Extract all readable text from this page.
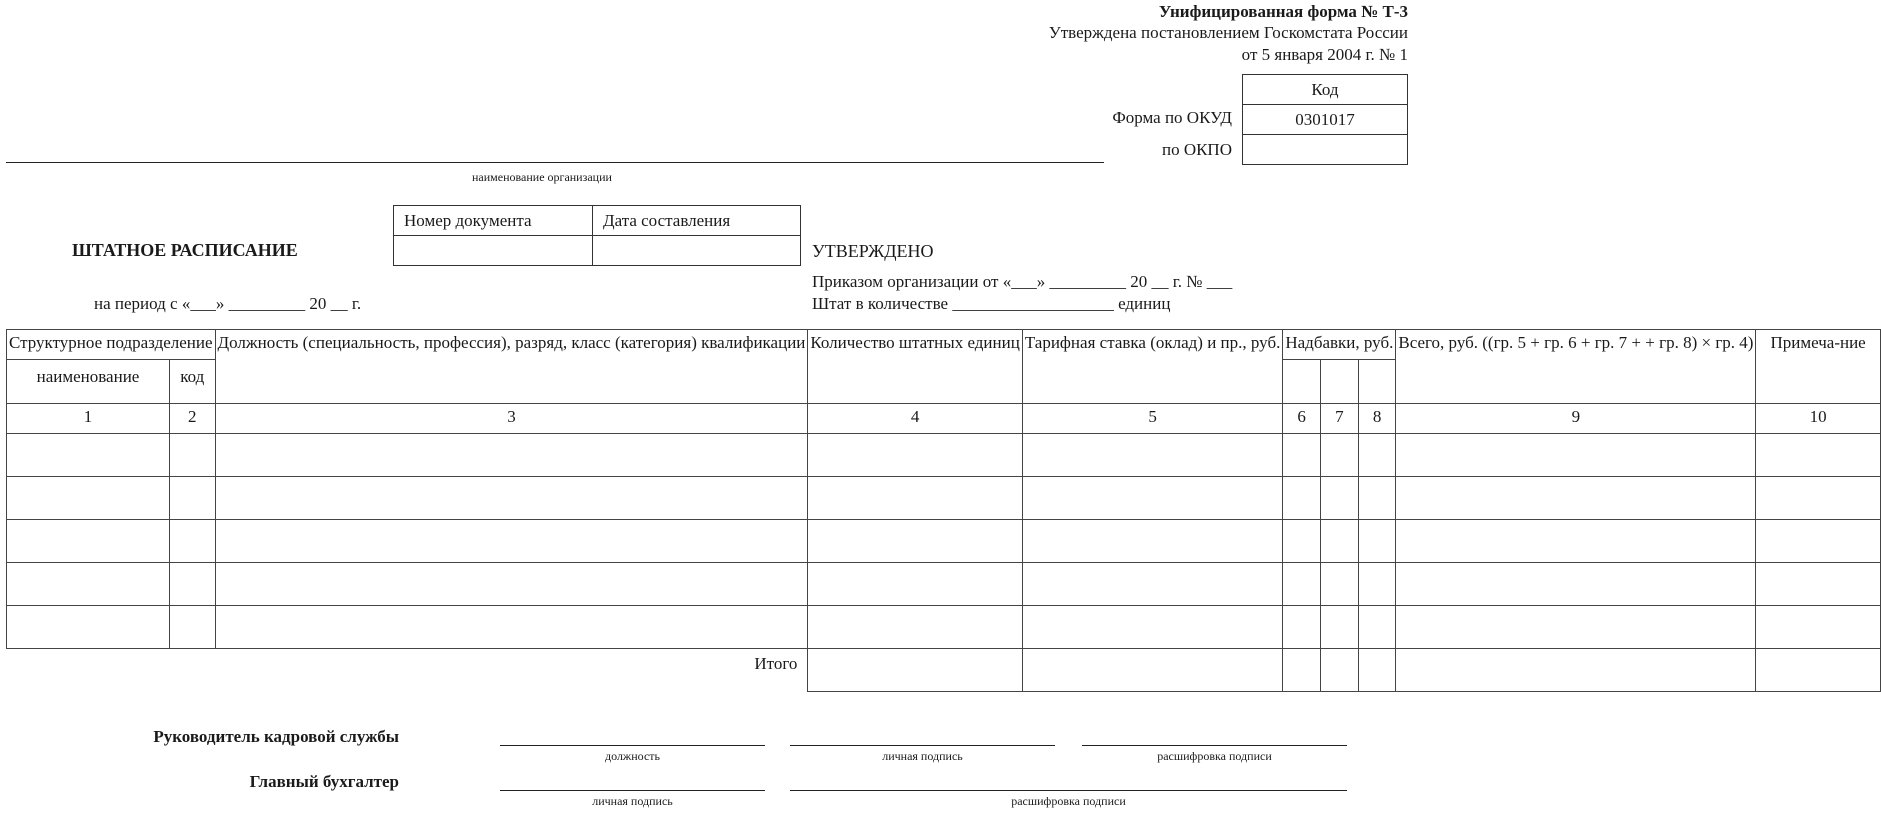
Унифицированная форма № Т-3
Утверждена постановлением Госкомстата России
от 5 января 2004 г. № 1
Код
0301017

Форма по ОКУД
по ОКПО
наименование организации
Номер документа	Дата составления

ШТАТНОЕ РАСПИСАНИЕ
на период с «___» _________ 20 __ г.
УТВЕРЖДЕНО
Приказом организации от «___» _________ 20 __ г. № ___
Штат в количестве ___________________ единиц
Структурное подразделение		Должность (специальность, профессия), разряд, класс (категория) квалификации	Количество штатных единиц	Тарифная ставка (оклад) и пр., руб.	Надбавки, руб.			Всего, руб. ((гр. 5 + гр. 6 + гр. 7 + + гр. 8) × гр. 4)	Примеча-ние
наименование	код								
1	2	3	4	5	6	7	8	9	10

Итого									
Руководитель кадровой службы
должность	личная подпись	расшифровка подписи
Главный бухгалтер
личная подпись	расшифровка подписи
